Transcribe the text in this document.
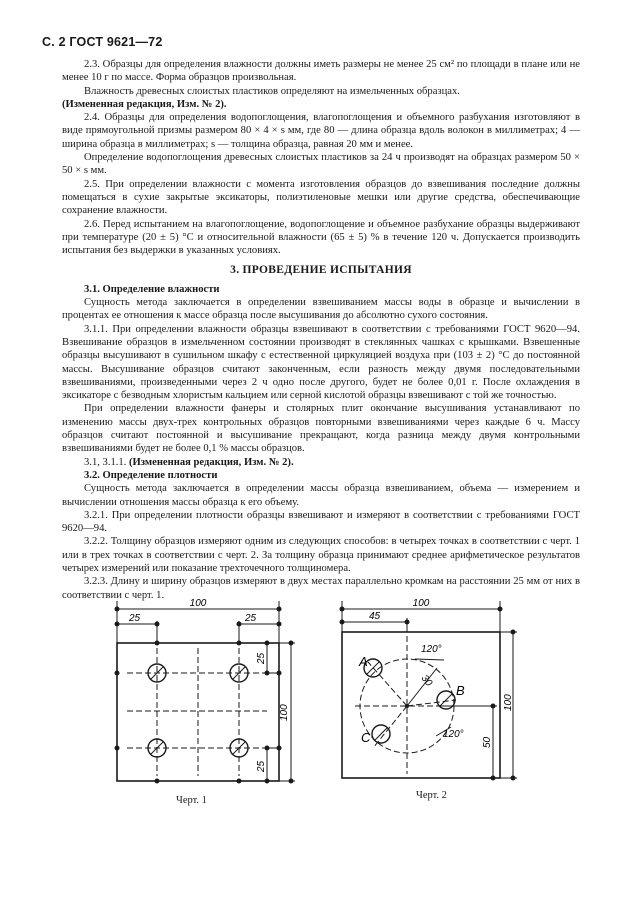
С. 2 ГОСТ 9621—72

2.3. Образцы для определения влажности должны иметь размеры не менее 25 см² по площади в плане или не менее 10 г по массе. Форма образцов произвольная.

Влажность древесных слоистых пластиков определяют на измельченных образцах.

(Измененная редакция, Изм. № 2).

2.4. Образцы для определения водопоглощения, влагопоглощения и объемного разбухания изготовляют в виде прямоугольной призмы размером 80 × 4 × s мм, где 80 — длина образца вдоль волокон в миллиметрах; 4 — ширина образца в миллиметрах; s — толщина образца, равная 20 мм и менее.

Определение водопоглощения древесных слоистых пластиков за 24 ч производят на образцах размером 50 × 50 × s мм.

2.5. При определении влажности с момента изготовления образцов до взвешивания последние должны помещаться в сухие закрытые эксикаторы, полиэтиленовые мешки или другие средства, обеспечивающие сохранение влажности.

2.6. Перед испытанием на влагопоглощение, водопоглощение и объемное разбухание образцы выдерживают при температуре (20 ± 5) °С и относительной влажности (65 ± 5) % в течение 120 ч. Допускается производить испытания без выдержки в указанных условиях.

3. ПРОВЕДЕНИЕ ИСПЫТАНИЯ

3.1. Определение влажности

Сущность метода заключается в определении взвешиванием массы воды в образце и вычислении в процентах ее отношения к массе образца после высушивания до абсолютно сухого состояния.

3.1.1. При определении влажности образцы взвешивают в соответствии с требованиями ГОСТ 9620—94. Взвешивание образцов в измельченном состоянии производят в стеклянных чашках с крышками. Взвешенные образцы высушивают в сушильном шкафу с естественной циркуляцией воздуха при (103 ± 2) °С до постоянной массы. Высушивание образцов считают законченным, если разность между двумя последовательными взвешиваниями, произведенными через 2 ч одно после другого, будет не более 0,01 г. После охлаждения в эксикаторе с безводным хлористым кальцием или серной кислотой образцы взвешивают с той же точностью.

При определении влажности фанеры и столярных плит окончание высушивания устанавливают по изменению массы двух-трех контрольных образцов повторными взвешиваниями через каждые 6 ч. Массу образцов считают постоянной и высушивание прекращают, когда разница между двумя контрольными взвешиваниями будет не более 0,1 % массы образцов.

3.1, 3.1.1. (Измененная редакция, Изм. № 2).

3.2. Определение плотности

Сущность метода заключается в определении массы образца взвешиванием, объема — измерением и вычислении отношения массы образца к его объему.

3.2.1. При определении плотности образцы взвешивают и измеряют в соответствии с требованиями ГОСТ 9620—94.

3.2.2. Толщину образцов измеряют одним из следующих способов: в четырех точках в соответствии с черт. 1 или в трех точках в соответствии с черт. 2. За толщину образца принимают среднее арифметическое результатов четырех измерений или показание трехточечного толщиномера.

3.2.3. Длину и ширину образцов измеряют в двух местах параллельно кромкам на расстоянии 25 мм от них в соответствии с черт. 1.

100
25	25
25
25
100
Черт. 1
100
45
100
50
30
120°
120°
A
B
C
Черт. 2
